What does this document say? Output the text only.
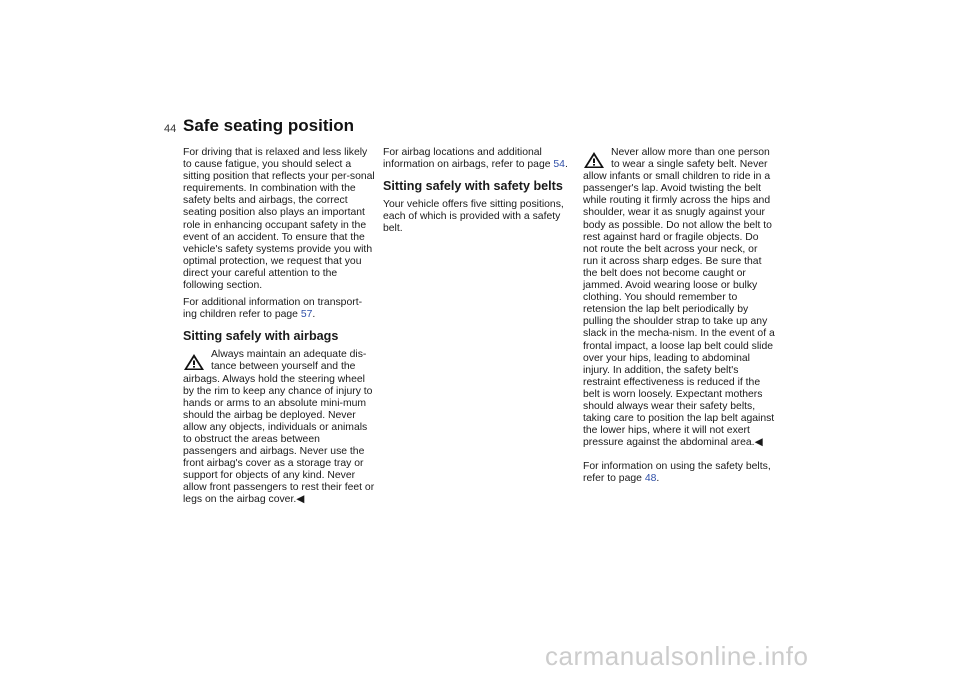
44 Safe seating position

For driving that is relaxed and less likely to cause fatigue, you should select a sitting position that reflects your per-sonal requirements. In combination with the safety belts and airbags, the correct seating position also plays an important role in enhancing occupant safety in the event of an accident. To ensure that the vehicle's safety systems provide you with optimal protection, we request that you direct your careful attention to the following section.

For additional information on transport-ing children refer to page 57.

Sitting safely with airbags

Always maintain an adequate dis-tance between yourself and the airbags. Always hold the steering wheel by the rim to keep any chance of injury to hands or arms to an absolute mini-mum should the airbag be deployed. Never allow any objects, individuals or animals to obstruct the areas between passengers and airbags. Never use the front airbag's cover as a storage tray or support for objects of any kind. Never allow front passengers to rest their feet or legs on the airbag cover.◀

For airbag locations and additional information on airbags, refer to page 54.

Sitting safely with safety belts

Your vehicle offers five sitting positions, each of which is provided with a safety belt.

Never allow more than one person to wear a single safety belt. Never allow infants or small children to ride in a passenger's lap. Avoid twisting the belt while routing it firmly across the hips and shoulder, wear it as snugly against your body as possible. Do not allow the belt to rest against hard or fragile objects. Do not route the belt across your neck, or run it across sharp edges. Be sure that the belt does not become caught or jammed. Avoid wearing loose or bulky clothing. You should remember to retension the lap belt periodically by pulling the shoulder strap to take up any slack in the mecha-nism. In the event of a frontal impact, a loose lap belt could slide over your hips, leading to abdominal injury. In addition, the safety belt's restraint effectiveness is reduced if the belt is worn loosely. Expectant mothers should always wear their safety belts, taking care to position the lap belt against the lower hips, where it will not exert pressure against the abdominal area.◀

For information on using the safety belts, refer to page 48.

carmanualsonline.info
